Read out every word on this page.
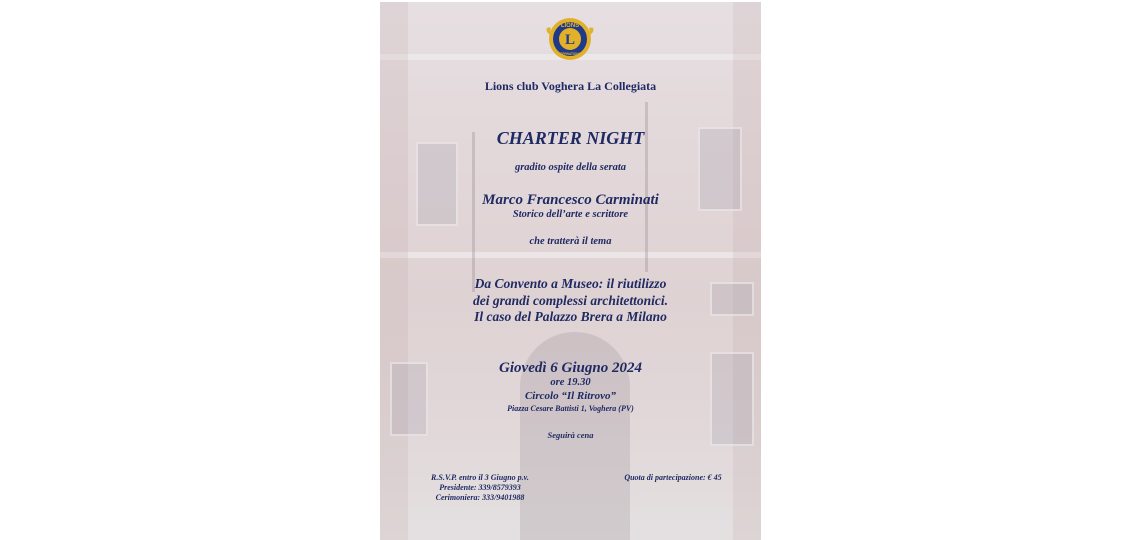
L
LIONS
INTERNATIONAL

Lions club Voghera La Collegiata

CHARTER NIGHT

gradito ospite della serata

Marco Francesco Carminati

Storico dell’arte e scrittore

che tratterà il tema

Da Convento a Museo: il riutilizzo
dei grandi complessi architettonici.
Il caso del Palazzo Brera a Milano

Giovedì 6 Giugno 2024

ore 19.30

Circolo “Il Ritrovo”

Piazza Cesare Battisti 1, Voghera (PV)

Seguirà cena

R.S.V.P. entro il 3 Giugno p.v.
Presidente: 339/8579393
Cerimoniera: 333/9401988
Quota di partecipazione: € 45
